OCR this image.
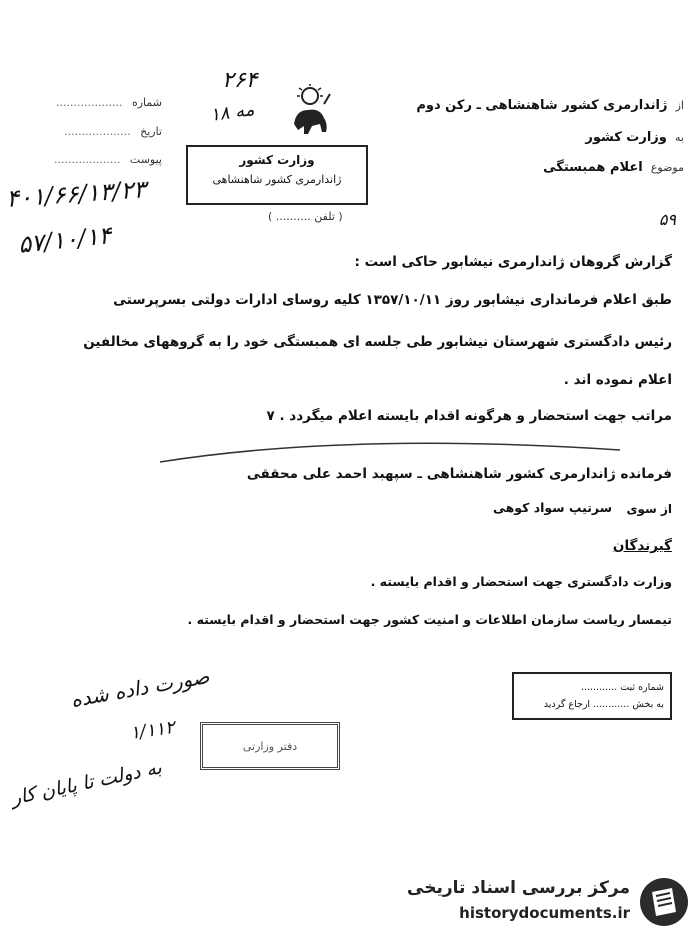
شماره ...................
تاریخ ...................
پیوست ...................
۴۰۱/۶۶/۱۳/۲۳
۵۷/۱۰/۱۴
۲۶۴
۱۸ مه	از ژاندارمری کشور شاهنشاهی ـ رکن دوم
به وزارت کشور
موضوع اعلام همبستگی
وزارت کشور
ژاندارمری کشور شاهنشاهی
( تلفن .......... )	۵۹
گزارش گروهان ژاندارمری نیشابور حاکی است :
طبق اعلام فرمانداری نیشابور روز ۱۳۵۷/۱۰/۱۱ کلیه روسای ادارات دولتی بسرپرستی
رئیس دادگستری شهرستان نیشابور طی جلسه ای همبستگی خود را به گروههای مخالفین
اعلام نموده اند .
مراتب جهت استحضار و هرگونه اقدام بایسته اعلام میگردد . ۷
فرمانده ژاندارمری کشور شاهنشاهی ـ سپهبد احمد علی محققی
از سوی
سرتیپ سواد کوهی
گیرندگان
وزارت دادگستری جهت استحضار و اقدام بایسته .
تیمسار ریاست سازمان اطلاعات و امنیت کشور جهت استحضار و اقدام بایسته .
شماره ثبت ............
به بخش ............ ارجاع گردید
صورت داده شده
۱/۱۱۲
به دولت تا پایان کار
دفتر وزارتی
مرکز بررسی اسناد تاریخی
historydocuments.ir
